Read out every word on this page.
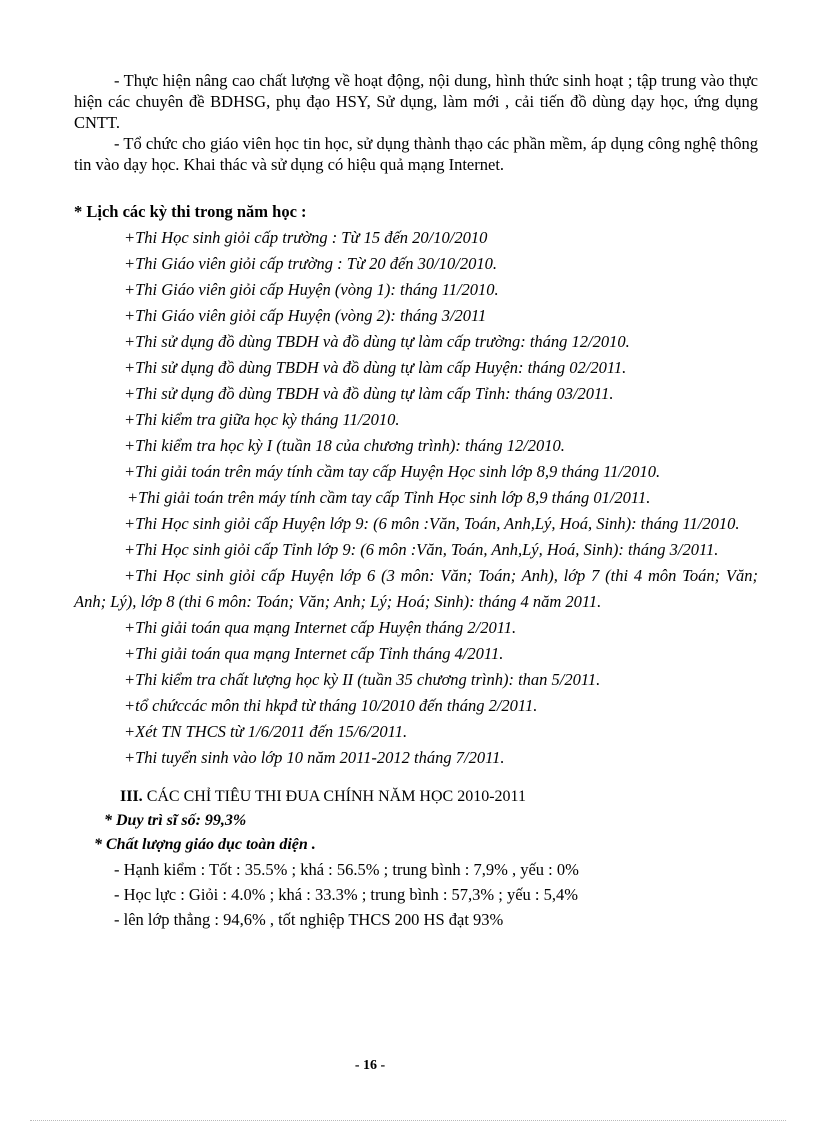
- Thực hiện nâng cao chất lượng về hoạt động, nội dung, hình thức sinh hoạt ; tập trung vào thực hiện các chuyên đề BDHSG, phụ đạo HSY, Sử dụng, làm mới , cải tiến đồ dùng dạy học, ứng dụng CNTT.

- Tổ chức cho giáo viên học tin học, sử dụng thành thạo các phần mềm, áp dụng công nghệ thông tin vào dạy học. Khai thác và sử dụng có hiệu quả mạng Internet.

* Lịch các kỳ thi trong năm học :

+Thi Học sinh giỏi cấp trường : Từ 15 đến 20/10/2010

+Thi Giáo viên giỏi cấp trường : Từ 20 đến 30/10/2010.

+Thi Giáo viên giỏi cấp Huyện (vòng 1): tháng 11/2010.

+Thi Giáo viên giỏi cấp Huyện (vòng 2): tháng 3/2011

+Thi sử dụng đồ dùng TBDH và đồ dùng tự làm cấp trường: tháng 12/2010.

+Thi sử dụng đồ dùng TBDH và đồ dùng tự làm cấp Huyện: tháng 02/2011.

+Thi sử dụng đồ dùng TBDH và đồ dùng tự làm cấp Tỉnh: tháng 03/2011.

+Thi kiểm tra giữa học kỳ tháng 11/2010.

+Thi kiểm tra học kỳ I (tuần 18 của chương trình): tháng 12/2010.

+Thi giải toán trên máy tính cầm tay cấp Huyện Học sinh lớp 8,9 tháng 11/2010.

+Thi giải toán trên máy tính cầm tay cấp Tỉnh Học sinh lớp 8,9 tháng 01/2011.

+Thi Học sinh giỏi cấp Huyện lớp 9: (6 môn :Văn, Toán, Anh,Lý, Hoá, Sinh): tháng 11/2010.

+Thi Học sinh giỏi cấp Tỉnh lớp 9: (6 môn :Văn, Toán, Anh,Lý, Hoá, Sinh): tháng 3/2011.

+Thi Học sinh giỏi cấp Huyện lớp 6 (3 môn: Văn; Toán; Anh), lớp 7 (thi 4 môn Toán; Văn; Anh; Lý), lớp 8 (thi 6 môn: Toán; Văn; Anh; Lý; Hoá; Sinh): tháng 4 năm 2011.

+Thi giải toán qua mạng Internet cấp Huyện tháng 2/2011.

+Thi giải toán qua mạng Internet cấp Tỉnh tháng 4/2011.

+Thi kiểm tra chất lượng học kỳ II (tuần 35 chương trình): than 5/2011.

+tổ chứccác môn thi hkpđ từ tháng 10/2010 đến tháng 2/2011.

+Xét TN THCS từ 1/6/2011 đến 15/6/2011.

+Thi tuyển sinh vào lớp 10 năm 2011-2012 tháng 7/2011.

III. CÁC CHỈ TIÊU THI ĐUA CHÍNH NĂM HỌC 2010-2011
* Duy trì sĩ số: 99,3%
* Chất lượng giáo dục toàn diện .
- Hạnh kiểm : Tốt : 35.5% ; khá : 56.5% ; trung bình : 7,9% , yếu : 0%
- Học lực : Giỏi : 4.0% ; khá : 33.3% ; trung bình : 57,3% ; yếu : 5,4%
- lên lớp thẳng : 94,6% , tốt nghiệp THCS 200 HS đạt 93%
- 16 -
